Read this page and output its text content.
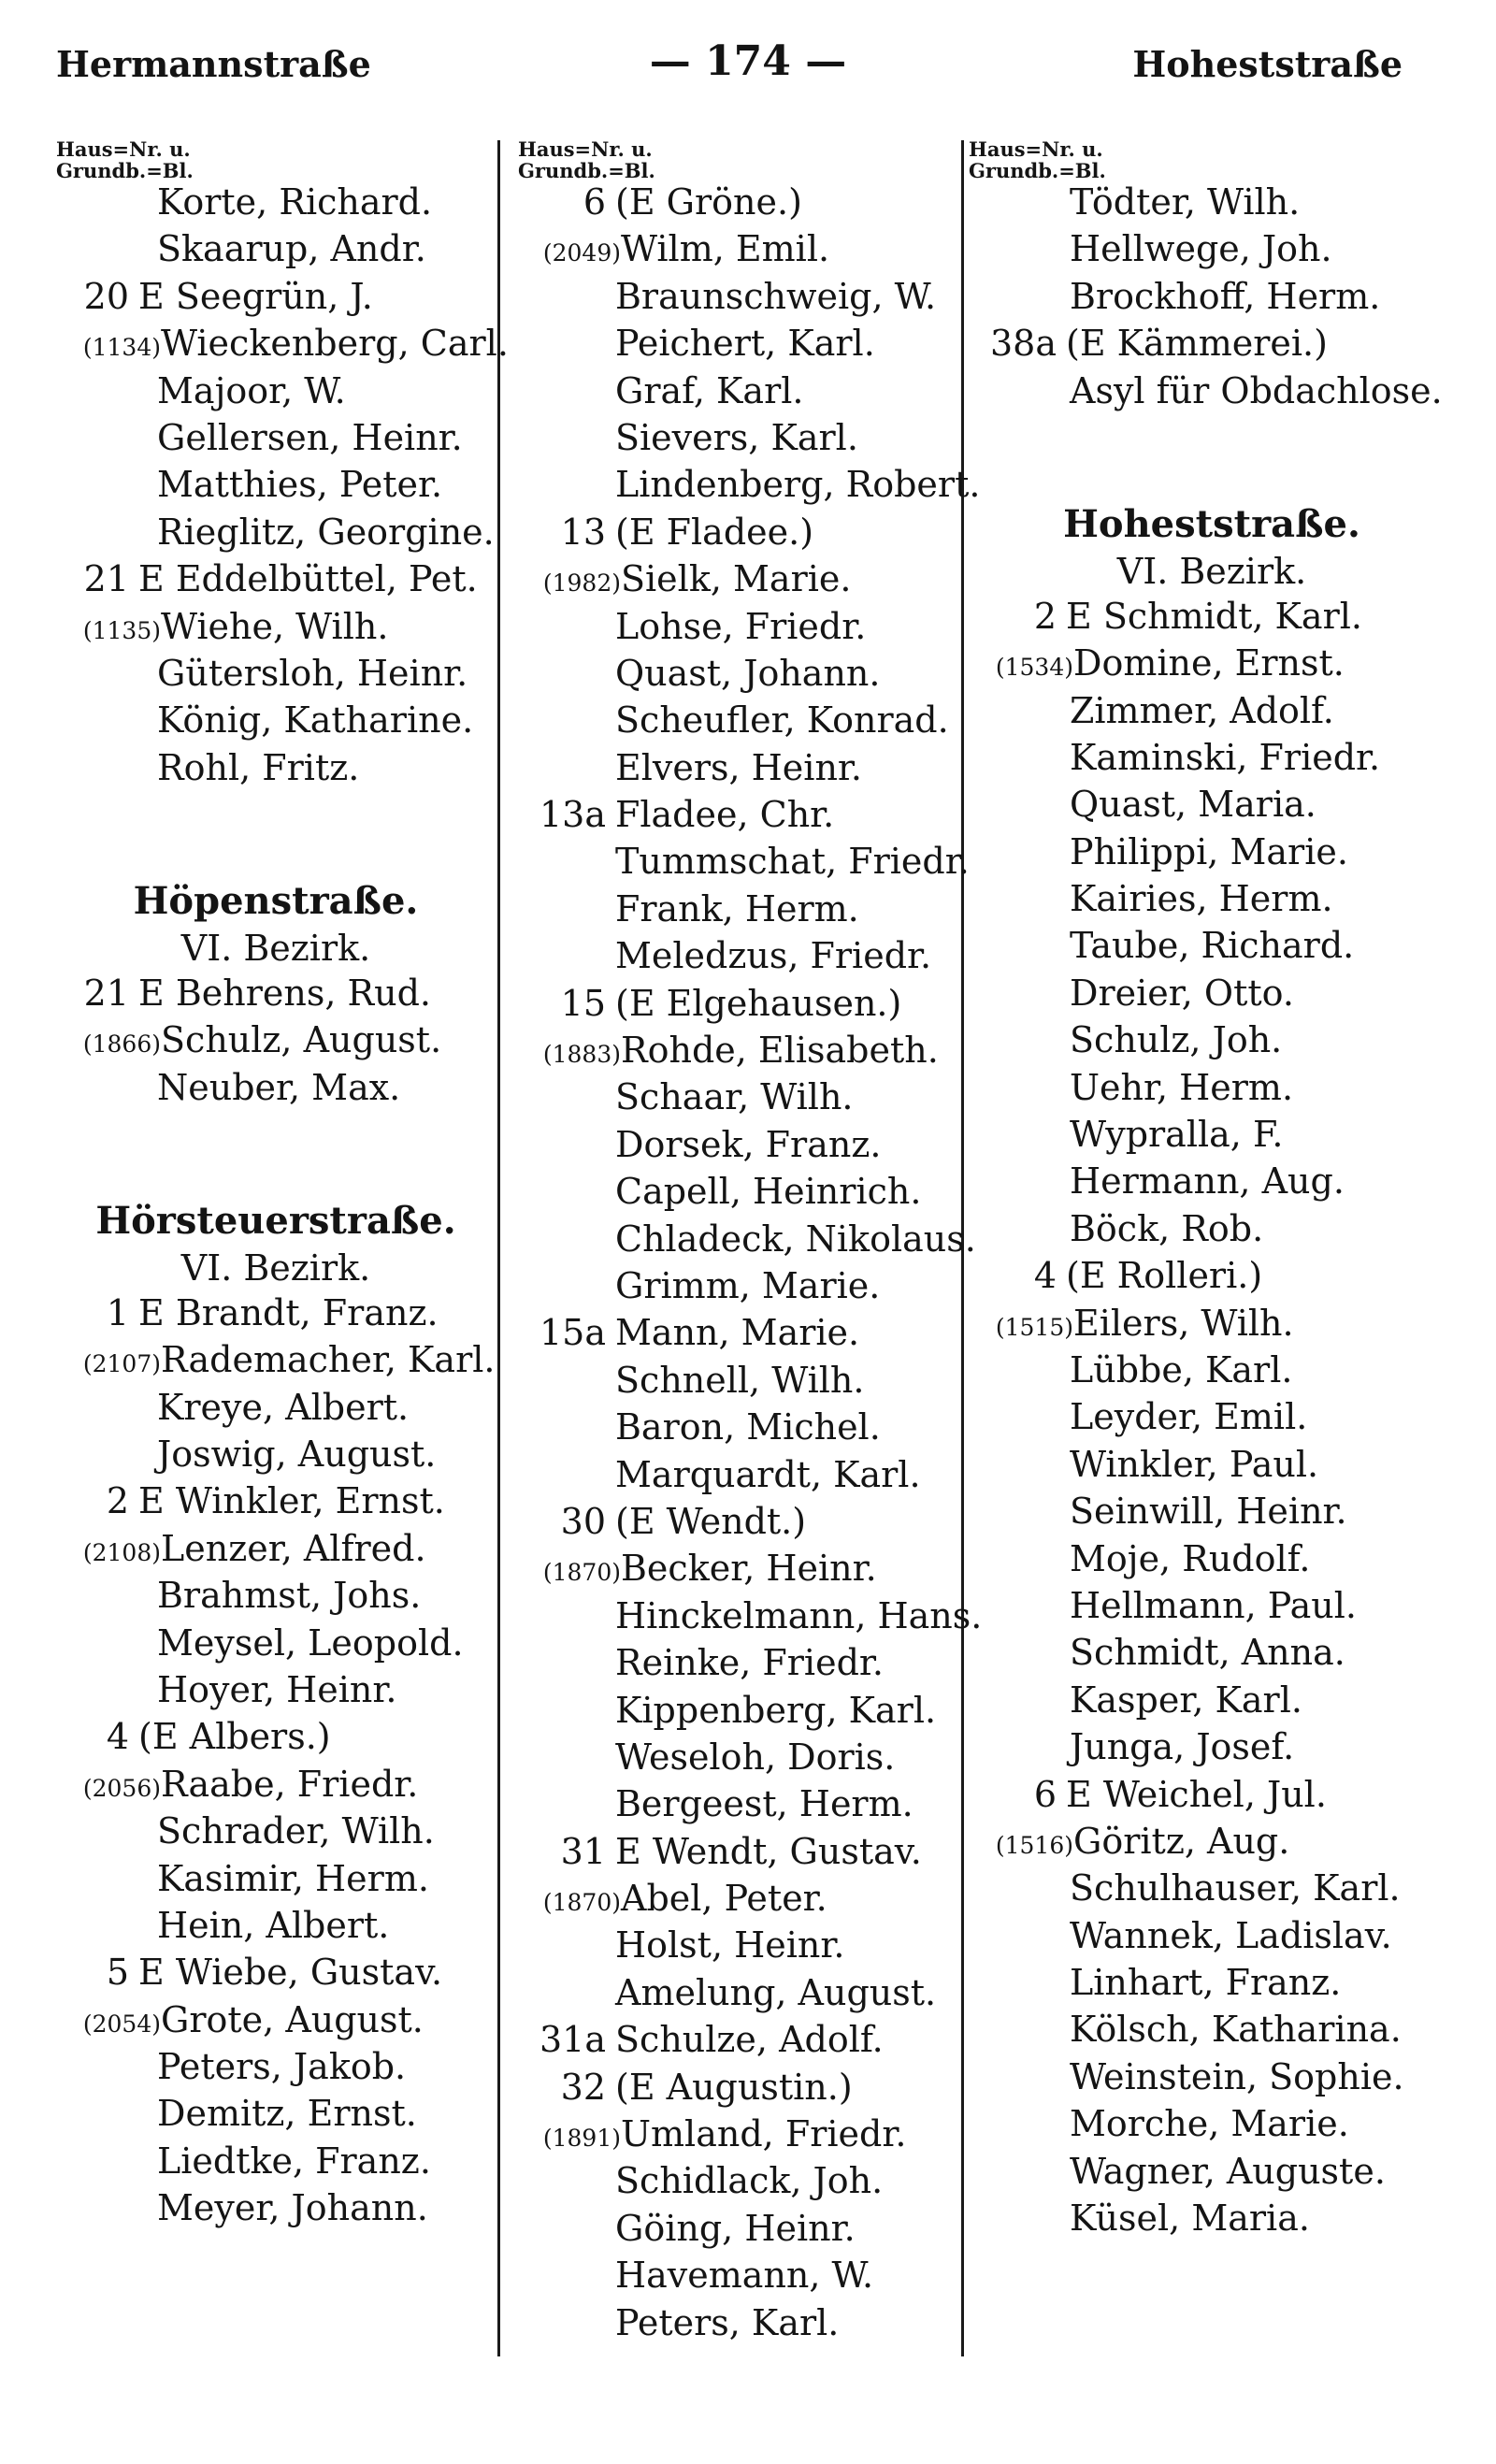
— 174 —
Hermannstraße	Hoheststraße
Haus=Nr. u.
Grundb.=Bl.
Korte, Richard.
Skaarup, Andr.
20 E Seegrün, J.
(1134) Wieckenberg, Carl.
Majoor, W.
Gellersen, Heinr.
Matthies, Peter.
Rieglitz, Georgine.
21 E Eddelbüttel, Pet.
(1135) Wiehe, Wilh.
Gütersloh, Heinr.
König, Katharine.
Rohl, Fritz.
Höpenstraße.
VI. Bezirk.
21 E Behrens, Rud.
(1866) Schulz, August.
Neuber, Max.
Hörsteuerstraße.
VI. Bezirk.
1 E Brandt, Franz.
(2107) Rademacher, Karl.
Kreye, Albert.
Joswig, August.
2 E Winkler, Ernst.
(2108) Lenzer, Alfred.
Brahmst, Johs.
Meysel, Leopold.
Hoyer, Heinr.
4 (E Albers.)
(2056) Raabe, Friedr.
Schrader, Wilh.
Kasimir, Herm.
Hein, Albert.
5 E Wiebe, Gustav.
(2054) Grote, August.
Peters, Jakob.
Demitz, Ernst.
Liedtke, Franz.
Meyer, Johann.
Haus=Nr. u.
Grundb.=Bl.
6 (E Gröne.)
(2049) Wilm, Emil.
Braunschweig, W.
Peichert, Karl.
Graf, Karl.
Sievers, Karl.
Lindenberg, Robert.
13 (E Fladee.)
(1982) Sielk, Marie.
Lohse, Friedr.
Quast, Johann.
Scheufler, Konrad.
Elvers, Heinr.
13a Fladee, Chr.
Tummschat, Friedr.
Frank, Herm.
Meledzus, Friedr.
15 (E Elgehausen.)
(1883) Rohde, Elisabeth.
Schaar, Wilh.
Dorsek, Franz.
Capell, Heinrich.
Chladeck, Nikolaus.
Grimm, Marie.
15a Mann, Marie.
Schnell, Wilh.
Baron, Michel.
Marquardt, Karl.
30 (E Wendt.)
(1870) Becker, Heinr.
Hinckelmann, Hans.
Reinke, Friedr.
Kippenberg, Karl.
Weseloh, Doris.
Bergeest, Herm.
31 E Wendt, Gustav.
(1870) Abel, Peter.
Holst, Heinr.
Amelung, August.
31a Schulze, Adolf.
32 (E Augustin.)
(1891) Umland, Friedr.
Schidlack, Joh.
Göing, Heinr.
Havemann, W.
Peters, Karl.
Haus=Nr. u.
Grundb.=Bl.
Tödter, Wilh.
Hellwege, Joh.
Brockhoff, Herm.
38a (E Kämmerei.)
Asyl für Obdachlose.
Hoheststraße.
VI. Bezirk.
2 E Schmidt, Karl.
(1534) Domine, Ernst.
Zimmer, Adolf.
Kaminski, Friedr.
Quast, Maria.
Philippi, Marie.
Kairies, Herm.
Taube, Richard.
Dreier, Otto.
Schulz, Joh.
Uehr, Herm.
Wypralla, F.
Hermann, Aug.
Böck, Rob.
4 (E Rolleri.)
(1515) Eilers, Wilh.
Lübbe, Karl.
Leyder, Emil.
Winkler, Paul.
Seinwill, Heinr.
Moje, Rudolf.
Hellmann, Paul.
Schmidt, Anna.
Kasper, Karl.
Junga, Josef.
6 E Weichel, Jul.
(1516) Göritz, Aug.
Schulhauser, Karl.
Wannek, Ladislav.
Linhart, Franz.
Kölsch, Katharina.
Weinstein, Sophie.
Morche, Marie.
Wagner, Auguste.
Küsel, Maria.
